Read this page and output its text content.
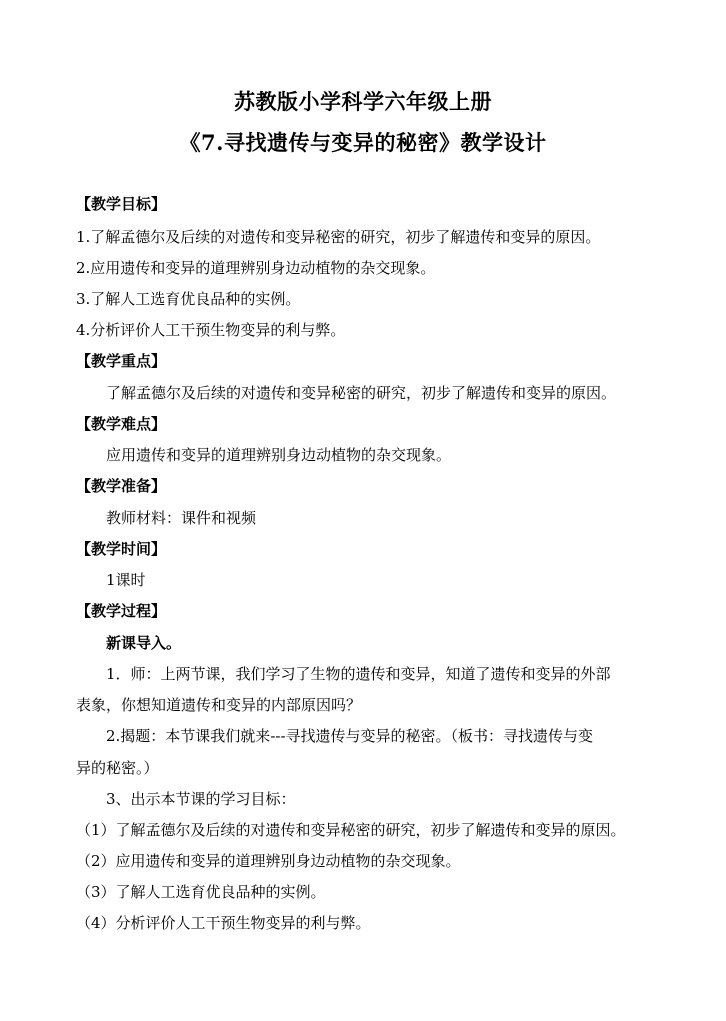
苏教版小学科学六年级上册
《7.寻找遗传与变异的秘密》教学设计
【教学目标】
1.了解孟德尔及后续的对遗传和变异秘密的研究，初步了解遗传和变异的原因。
2.应用遗传和变异的道理辨别身边动植物的杂交现象。
3.了解人工选育优良品种的实例。
4.分析评价人工干预生物变异的利与弊。
【教学重点】
了解孟德尔及后续的对遗传和变异秘密的研究，初步了解遗传和变异的原因。
【教学难点】
应用遗传和变异的道理辨别身边动植物的杂交现象。
【教学准备】
教师材料：课件和视频
【教学时间】
1课时
【教学过程】
新课导入。
1．师：上两节课，我们学习了生物的遗传和变异，知道了遗传和变异的外部
表象，你想知道遗传和变异的内部原因吗？
2.揭题：本节课我们就来---寻找遗传与变异的秘密。（板书：寻找遗传与变
异的秘密。）
3、出示本节课的学习目标：
（1）了解孟德尔及后续的对遗传和变异秘密的研究，初步了解遗传和变异的原因。
（2）应用遗传和变异的道理辨别身边动植物的杂交现象。
（3）了解人工选育优良品种的实例。
（4）分析评价人工干预生物变异的利与弊。
